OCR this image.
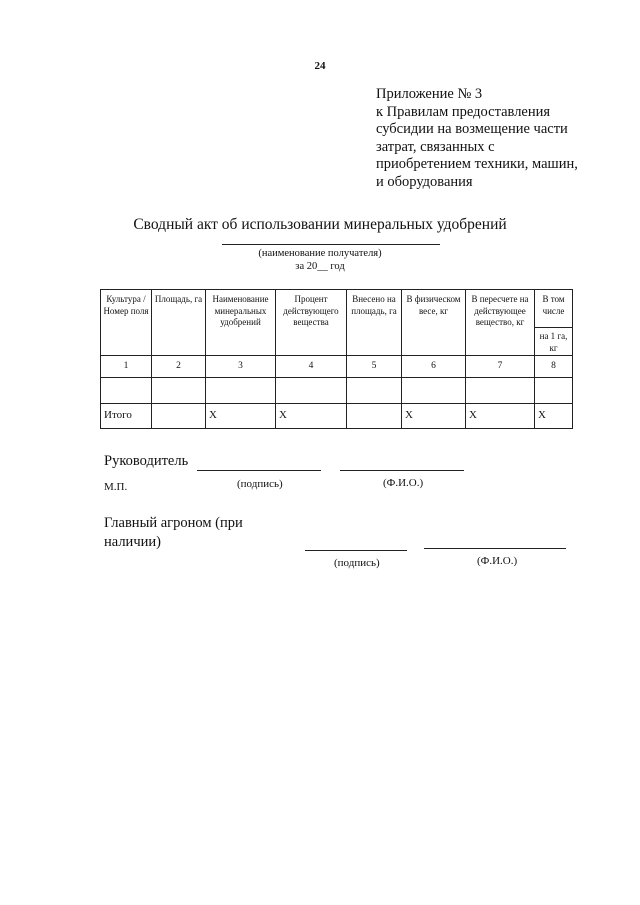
24
Приложение № 3
к Правилам предоставления
субсидии на возмещение части
затрат, связанных с
приобретением техники, машин,
и оборудования
Сводный акт об использовании минеральных удобрений
(наименование получателя)
за 20__ год
Культура /Номер поля	Площадь, га	Наименование минеральных удобрений	Процент действующего вещества	Внесено на площадь, га	В физическом весе, кг	В пересчете на действующее вещество, кг	В том числе
							на 1 га, кг
1	2	3	4	5	6	7	8

Итого		Х	Х		Х	Х	Х
Руководитель
М.П.	(подпись)	(Ф.И.О.)
Главный агроном (при
наличии)
(подпись)	(Ф.И.О.)
